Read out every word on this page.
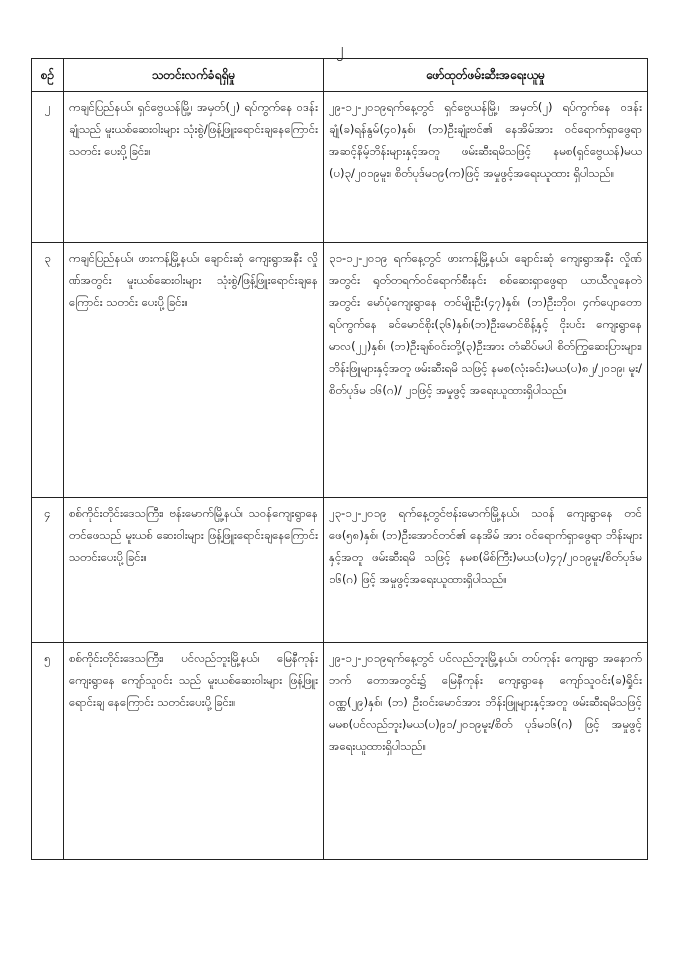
၂
စဉ်	သတင်းလက်ခံရရှိမှု	ဖော်ထုတ်ဖမ်းဆီးအရေးယူမှု
၂	ကချင်ပြည်နယ်၊ ရှင်ဗွေယန်မြို့၊ အမှတ်(၂) ရပ်ကွက်နေ ဝဒန်းချုံသည် မူးယစ်ဆေးဝါးများ သုံးစွဲ/ဖြန့်ဖြူးရောင်းချနေကြောင်း သတင်း ပေးပို့ခြင်း။	၂၉-၁၂-၂၀၁၉ရက်နေ့တွင် ရှင်ဗွေယန်မြို့၊ အမှတ်(၂) ရပ်ကွက်နေ ဝဒန်းချုံ(ခ)ရန်နွမ်(၄၀)နှစ်၊ (ဘ)ဦးချုံးဗင်၏ နေအိမ်အား ဝင်ရောက်ရှာဖွေရာ အဆင့်နိမ့်ဘိန်းများနှင့်အတူ ဖမ်းဆီးရမိသဖြင့် နမစ(ရှင်ဗွေယန်)မယ (ပ)၃/၂၀၁၉မူး၊ စိတ်ပုဒ်မ၁၉(က)ဖြင့် အမှုဖွင့်အရေးယူထား ရှိပါသည်။
၃	ကချင်ပြည်နယ်၊ ဖားကန့်မြို့နယ်၊ ချောင်းဆုံ ကျေးရွာအနီး လှိုဏ်အတွင်း မူးယစ်ဆေးဝါးများ သုံးစွဲ/ဖြန့်ဖြူးရောင်းချနေကြောင်း သတင်း ပေးပို့ခြင်း။	၃၁-၁၂-၂၀၁၉ ရက်နေ့တွင် ဖားကန့်မြို့နယ်၊ ချောင်းဆုံ ကျေးရွာအနီး လှိုဏ်အတွင်း ရုတ်တရက်ဝင်ရောက်စီးနင်း စစ်ဆေးရှာဖွေရာ ယာယီလူနေတဲအတွင်း မော်ပုံကျေးရွာနေ တင်မျိုးဦး(၄၇)နှစ်၊ (ဘ)ဦးဘိုဝ၊ ၄က်ပျောတောရပ်ကွက်နေ ခင်မောင်စိုး(၃၆)နှစ်၊(ဘ)ဦးမောင်စိန့်နှင့် ငိုးပင်း ကျေးရွာနေ မာလ(၂၂)နှစ်၊ (ဘ)ဦးချစ်ဝင်းတို့(၃)ဦးအား တံဆိပ်မပါ စိတ်ကြွဆေးပြားများ၊ ဘိန်းဖြူများနှင့်အတူ ဖမ်းဆီးရမိ သဖြင့် နမစ(လုံးခင်း)မယ(ပ)၈၂/၂၀၁၉၊ မူး/စိတ်ပုဒ်မ ၁၆(ဂ)/ ၂၁ဖြင့် အမှုဖွင့် အရေးယူထားရှိပါသည်။
၄	စစ်ကိုင်းတိုင်းဒေသကြီး၊ ဗန်းမောက်မြို့နယ်၊ သဝန်ကျေးရွာနေ တင်ဖေသည် မူးယစ် ဆေးဝါးများ ဖြန့်ဖြူးရောင်းချနေကြောင်း သတင်းပေးပို့ခြင်း။	၂၃-၁၂-၂၀၁၉ ရက်နေ့တွင်ဗန်းမောက်မြို့နယ်၊ သဝန် ကျေးရွာနေ တင်ဖေ(၅၈)နှစ်၊ (ဘ)ဦးအောင်တင်၏ နေအိမ် အား ဝင်ရောက်ရှာဖွေရာ ဘိန်းများနှင့်အတူ ဖမ်းဆီးရမိ သဖြင့် နမစ(မိစ်ကြီး)မယ(ပ)၄၇/၂၀၁၉မူး/စိတ်ပုဒ်မ ၁၆(ဂ) ဖြင့် အမှုဖွင့်အရေးယူထားရှိပါသည်။
၅	စစ်ကိုင်းတိုင်းဒေသကြီး၊ ပင်လည်ဘူးမြို့နယ်၊ မြေနီကုန်းကျေးရွာနေ ကျော်သူဝင်း သည် မူးယစ်ဆေးဝါးများ ဖြန့်ဖြူးရောင်းချ နေကြောင်း သတင်းပေးပို့ခြင်း။	၂၉-၁၂-၂၀၁၉ရက်နေ့တွင် ပင်လည်ဘူးမြို့နယ်၊ တပ်ကုန်း ကျေးရွာ အနောက်ဘက် တောအတွင်း၌ မြေနီကုန်း ကျေးရွာနေ ကျော်သူဝင်း(ခ)ရှိုင်းဝဏ္ဏ(၂၉)နှစ်၊ (ဘ) ဦးဝင်းမောင်အား ဘိန်းဖြူများနှင့်အတူ ဖမ်းဆီးရမိသဖြင့် မမစ(ပင်လည်ဘူး)မယ(ပ)၉၁/၂၀၁၉မူး/စိတ် ပုဒ်မ၁၆(ဂ) ဖြင့် အမှုဖွင့်အရေးယူထားရှိပါသည်။
